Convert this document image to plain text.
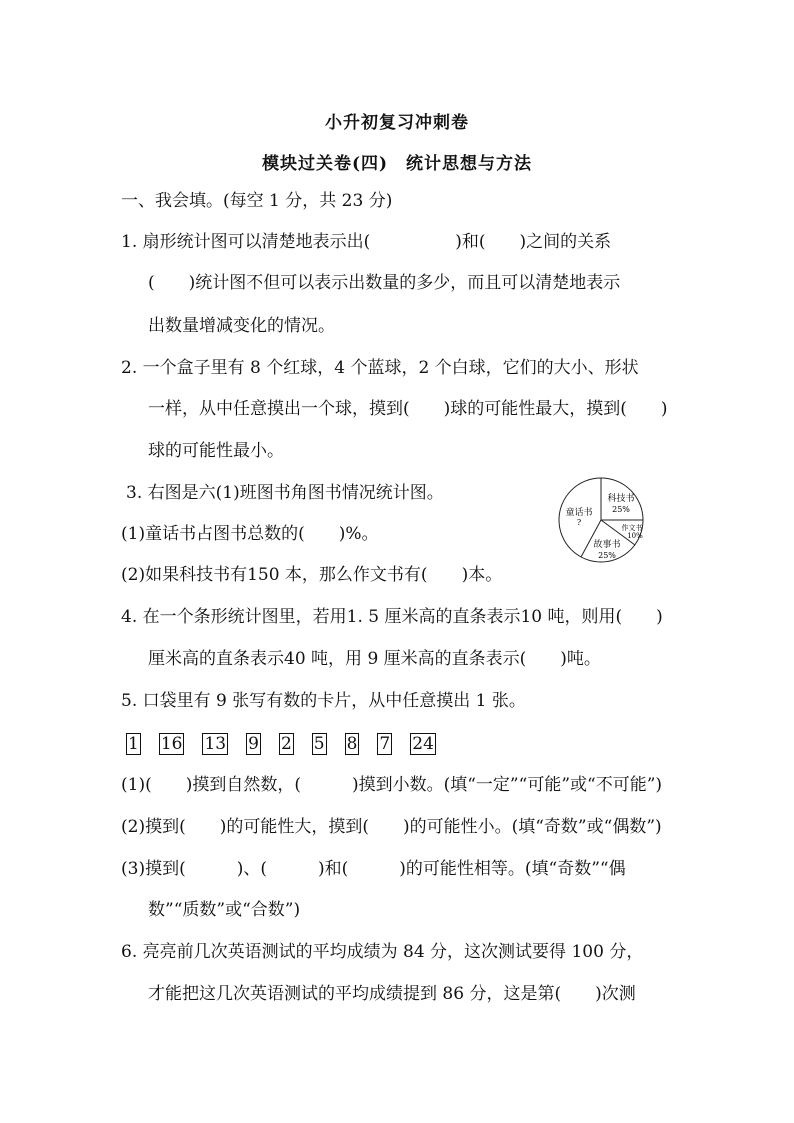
小升初复习冲刺卷
模块过关卷(四)　统计思想与方法
一、我会填。(每空 1 分，共 23 分)
1. 扇形统计图可以清楚地表示出(　　　　　)和(　　)之间的关系
(　　)统计图不但可以表示出数量的多少，而且可以清楚地表示
出数量增减变化的情况。
2. 一个盒子里有 8 个红球，4 个蓝球，2 个白球，它们的大小、形状
一样，从中任意摸出一个球，摸到(　　)球的可能性最大，摸到(　　)
球的可能性最小。
3. 右图是六(1)班图书角图书情况统计图。
(1)童话书占图书总数的(　　)%。
(2)如果科技书有150 本，那么作文书有(　　)本。
科技书
25%
作文书
10%
故事书
25%
童话书
?
4. 在一个条形统计图里，若用1. 5 厘米高的直条表示10 吨，则用(　　)
厘米高的直条表示40 吨，用 9 厘米高的直条表示(　　)吨。
5. 口袋里有 9 张写有数的卡片，从中任意摸出 1 张。
1 16 13 9 2 5 8 7 24
(1)(　　)摸到自然数，(　　　)摸到小数。(填“一定”“可能”或“不可能”)
(2)摸到(　　)的可能性大，摸到(　　)的可能性小。(填“奇数”或“偶数”)
(3)摸到(　　　)、(　　　)和(　　　)的可能性相等。(填“奇数”“偶
数”“质数”或“合数”)
6. 亮亮前几次英语测试的平均成绩为 84 分，这次测试要得 100 分，
才能把这几次英语测试的平均成绩提到 86 分，这是第(　　)次测
